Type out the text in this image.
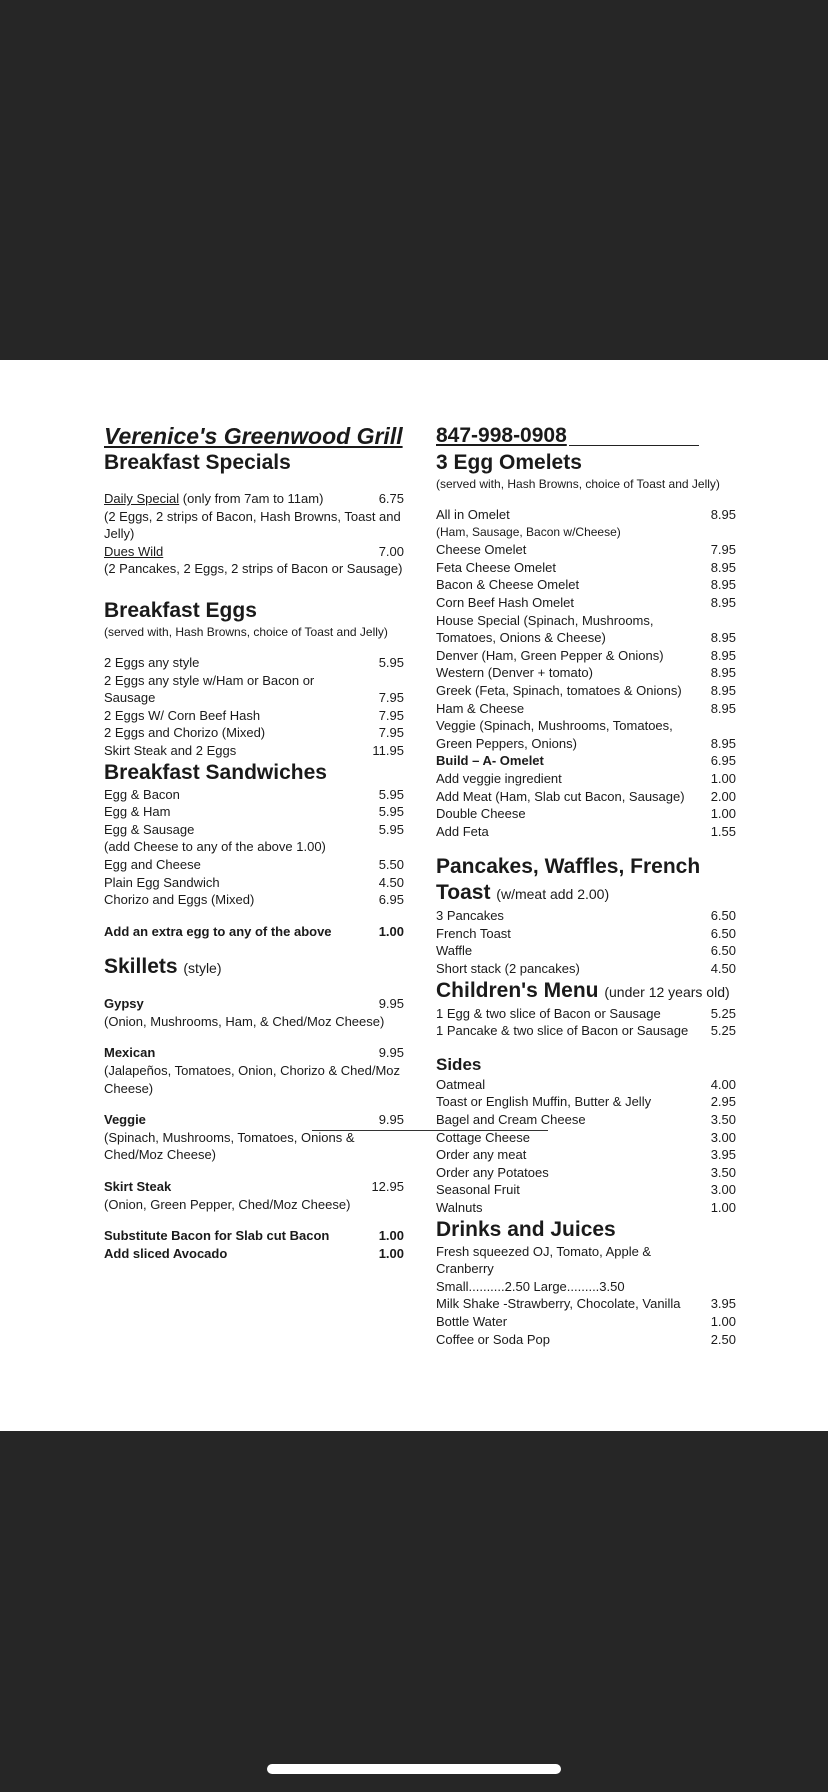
Verenice's Greenwood Grill
Breakfast Specials
Daily Special (only from 7am to 11am)	6.75
(2 Eggs, 2 strips of Bacon, Hash Browns, Toast and Jelly)
Dues Wild	7.00
(2 Pancakes, 2 Eggs, 2 strips of Bacon or Sausage)
Breakfast Eggs
(served with, Hash Browns, choice of Toast and Jelly)
2 Eggs any style	5.95
2 Eggs any style w/Ham or Bacon or Sausage	7.95
2 Eggs W/ Corn Beef Hash	7.95
2 Eggs and Chorizo (Mixed)	7.95
Skirt Steak and 2 Eggs	11.95
Breakfast Sandwiches
Egg & Bacon	5.95
Egg & Ham	5.95
Egg & Sausage	5.95
(add Cheese to any of the above 1.00)
Egg and Cheese	5.50
Plain Egg Sandwich	4.50
Chorizo and Eggs (Mixed)	6.95
Add an extra egg to any of the above	1.00
Skillets (style)
Gypsy	9.95
(Onion, Mushrooms, Ham, & Ched/Moz Cheese)
Mexican	9.95
(Jalapeños, Tomatoes, Onion, Chorizo & Ched/Moz Cheese)
Veggie	9.95
(Spinach, Mushrooms, Tomatoes, Onions & Ched/Moz Cheese)
Skirt Steak	12.95
(Onion, Green Pepper, Ched/Moz Cheese)
Substitute Bacon for Slab cut Bacon	1.00
Add sliced Avocado	1.00
847-998-0908
3 Egg Omelets
(served with, Hash Browns, choice of Toast and Jelly)
All in Omelet	8.95
(Ham, Sausage, Bacon w/Cheese)
Cheese Omelet	7.95
Feta Cheese Omelet	8.95
Bacon & Cheese Omelet	8.95
Corn Beef Hash Omelet	8.95
House Special (Spinach, Mushrooms, Tomatoes, Onions & Cheese)	8.95
Denver (Ham, Green Pepper & Onions)	8.95
Western (Denver + tomato)	8.95
Greek (Feta, Spinach, tomatoes & Onions)	8.95
Ham & Cheese	8.95
Veggie (Spinach, Mushrooms, Tomatoes, Green Peppers, Onions)	8.95
Build – A- Omelet	6.95
Add veggie ingredient	1.00
Add Meat (Ham, Slab cut Bacon, Sausage)	2.00
Double Cheese	1.00
Add Feta	1.55
Pancakes, Waffles, French
Toast (w/meat add 2.00)
3 Pancakes	6.50
French Toast	6.50
Waffle	6.50
Short stack (2 pancakes)	4.50
Children's Menu (under 12 years old)
1 Egg & two slice of Bacon or Sausage	5.25
1 Pancake & two slice of Bacon or Sausage	5.25
Sides
Oatmeal	4.00
Toast or English Muffin, Butter & Jelly	2.95
Bagel and Cream Cheese	3.50
Cottage Cheese	3.00
Order any meat	3.95
Order any Potatoes	3.50
Seasonal Fruit	3.00
Walnuts	1.00
Drinks and Juices
Fresh squeezed OJ, Tomato, Apple & Cranberry
Small..........2.50 Large.........3.50
Milk Shake -Strawberry, Chocolate, Vanilla	3.95
Bottle Water	1.00
Coffee or Soda Pop	2.50
